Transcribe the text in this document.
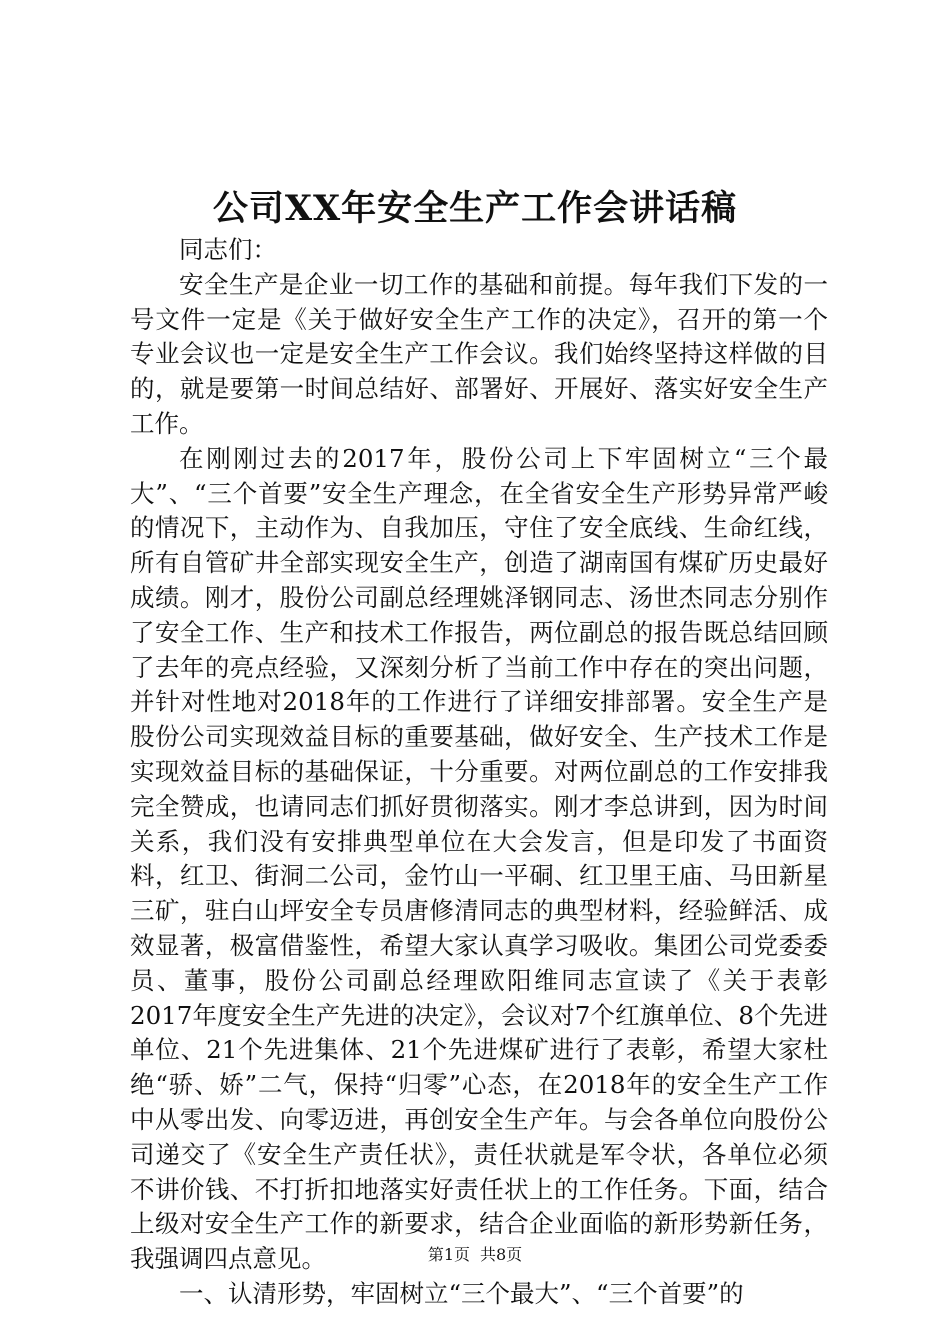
公司XX年安全生产工作会讲话稿

同志们：

安全生产是企业一切工作的基础和前提。每年我们下发的一号文件一定是《关于做好安全生产工作的决定》，召开的第一个专业会议也一定是安全生产工作会议。我们始终坚持这样做的目的，就是要第一时间总结好、部署好、开展好、落实好安全生产工作。

在刚刚过去的2017年，股份公司上下牢固树立“三个最大”、“三个首要”安全生产理念，在全省安全生产形势异常严峻的情况下，主动作为、自我加压，守住了安全底线、生命红线，所有自管矿井全部实现安全生产，创造了湖南国有煤矿历史最好成绩。刚才，股份公司副总经理姚泽钢同志、汤世杰同志分别作了安全工作、生产和技术工作报告，两位副总的报告既总结回顾了去年的亮点经验，又深刻分析了当前工作中存在的突出问题，并针对性地对2018年的工作进行了详细安排部署。安全生产是股份公司实现效益目标的重要基础，做好安全、生产技术工作是实现效益目标的基础保证，十分重要。对两位副总的工作安排我完全赞成，也请同志们抓好贯彻落实。刚才李总讲到，因为时间关系，我们没有安排典型单位在大会发言，但是印发了书面资料，红卫、街洞二公司，金竹山一平硐、红卫里王庙、马田新星三矿，驻白山坪安全专员唐修清同志的典型材料，经验鲜活、成效显著，极富借鉴性，希望大家认真学习吸收。集团公司党委委员、董事，股份公司副总经理欧阳维同志宣读了《关于表彰2017年度安全生产先进的决定》，会议对7个红旗单位、8个先进单位、21个先进集体、21个先进煤矿进行了表彰，希望大家杜绝“骄、娇”二气，保持“归零”心态，在2018年的安全生产工作中从零出发、向零迈进，再创安全生产年。与会各单位向股份公司递交了《安全生产责任状》，责任状就是军令状，各单位必须不讲价钱、不打折扣地落实好责任状上的工作任务。下面，结合上级对安全生产工作的新要求，结合企业面临的新形势新任务，我强调四点意见。

一、认清形势，牢固树立“三个最大”、“三个首要”的

第1页 共8页
